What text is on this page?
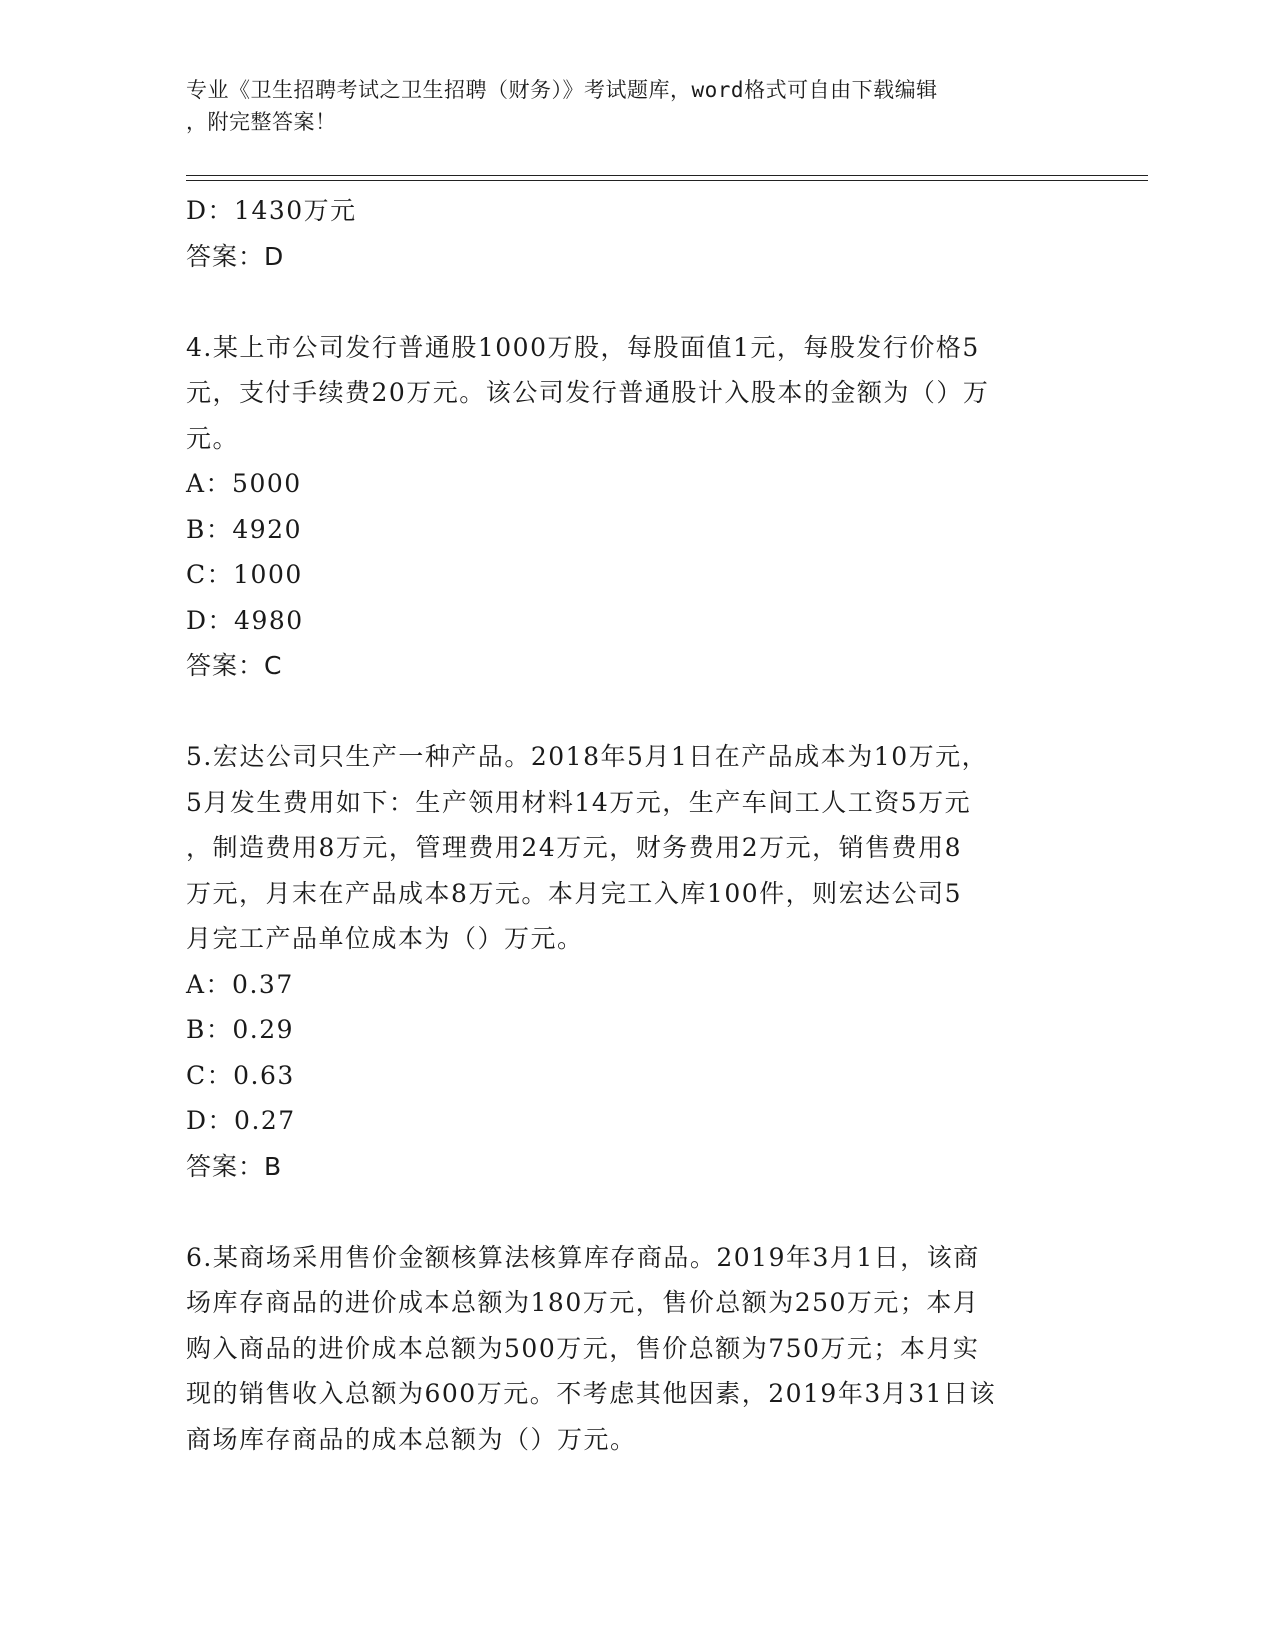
专业《卫生招聘考试之卫生招聘（财务）》考试题库，word格式可自由下载编辑
，附完整答案！
D：1430万元
答案：D
4.某上市公司发行普通股1000万股，每股面值1元，每股发行价格5
元，支付手续费20万元。该公司发行普通股计入股本的金额为（）万
元。
A：5000
B：4920
C：1000
D：4980
答案：C
5.宏达公司只生产一种产品。2018年5月1日在产品成本为10万元，
5月发生费用如下：生产领用材料14万元，生产车间工人工资5万元
，制造费用8万元，管理费用24万元，财务费用2万元，销售费用8
万元，月末在产品成本8万元。本月完工入库100件，则宏达公司5
月完工产品单位成本为（）万元。
A：0.37
B：0.29
C：0.63
D：0.27
答案：B
6.某商场采用售价金额核算法核算库存商品。2019年3月1日，该商
场库存商品的进价成本总额为180万元，售价总额为250万元；本月
购入商品的进价成本总额为500万元，售价总额为750万元；本月实
现的销售收入总额为600万元。不考虑其他因素，2019年3月31日该
商场库存商品的成本总额为（）万元。
